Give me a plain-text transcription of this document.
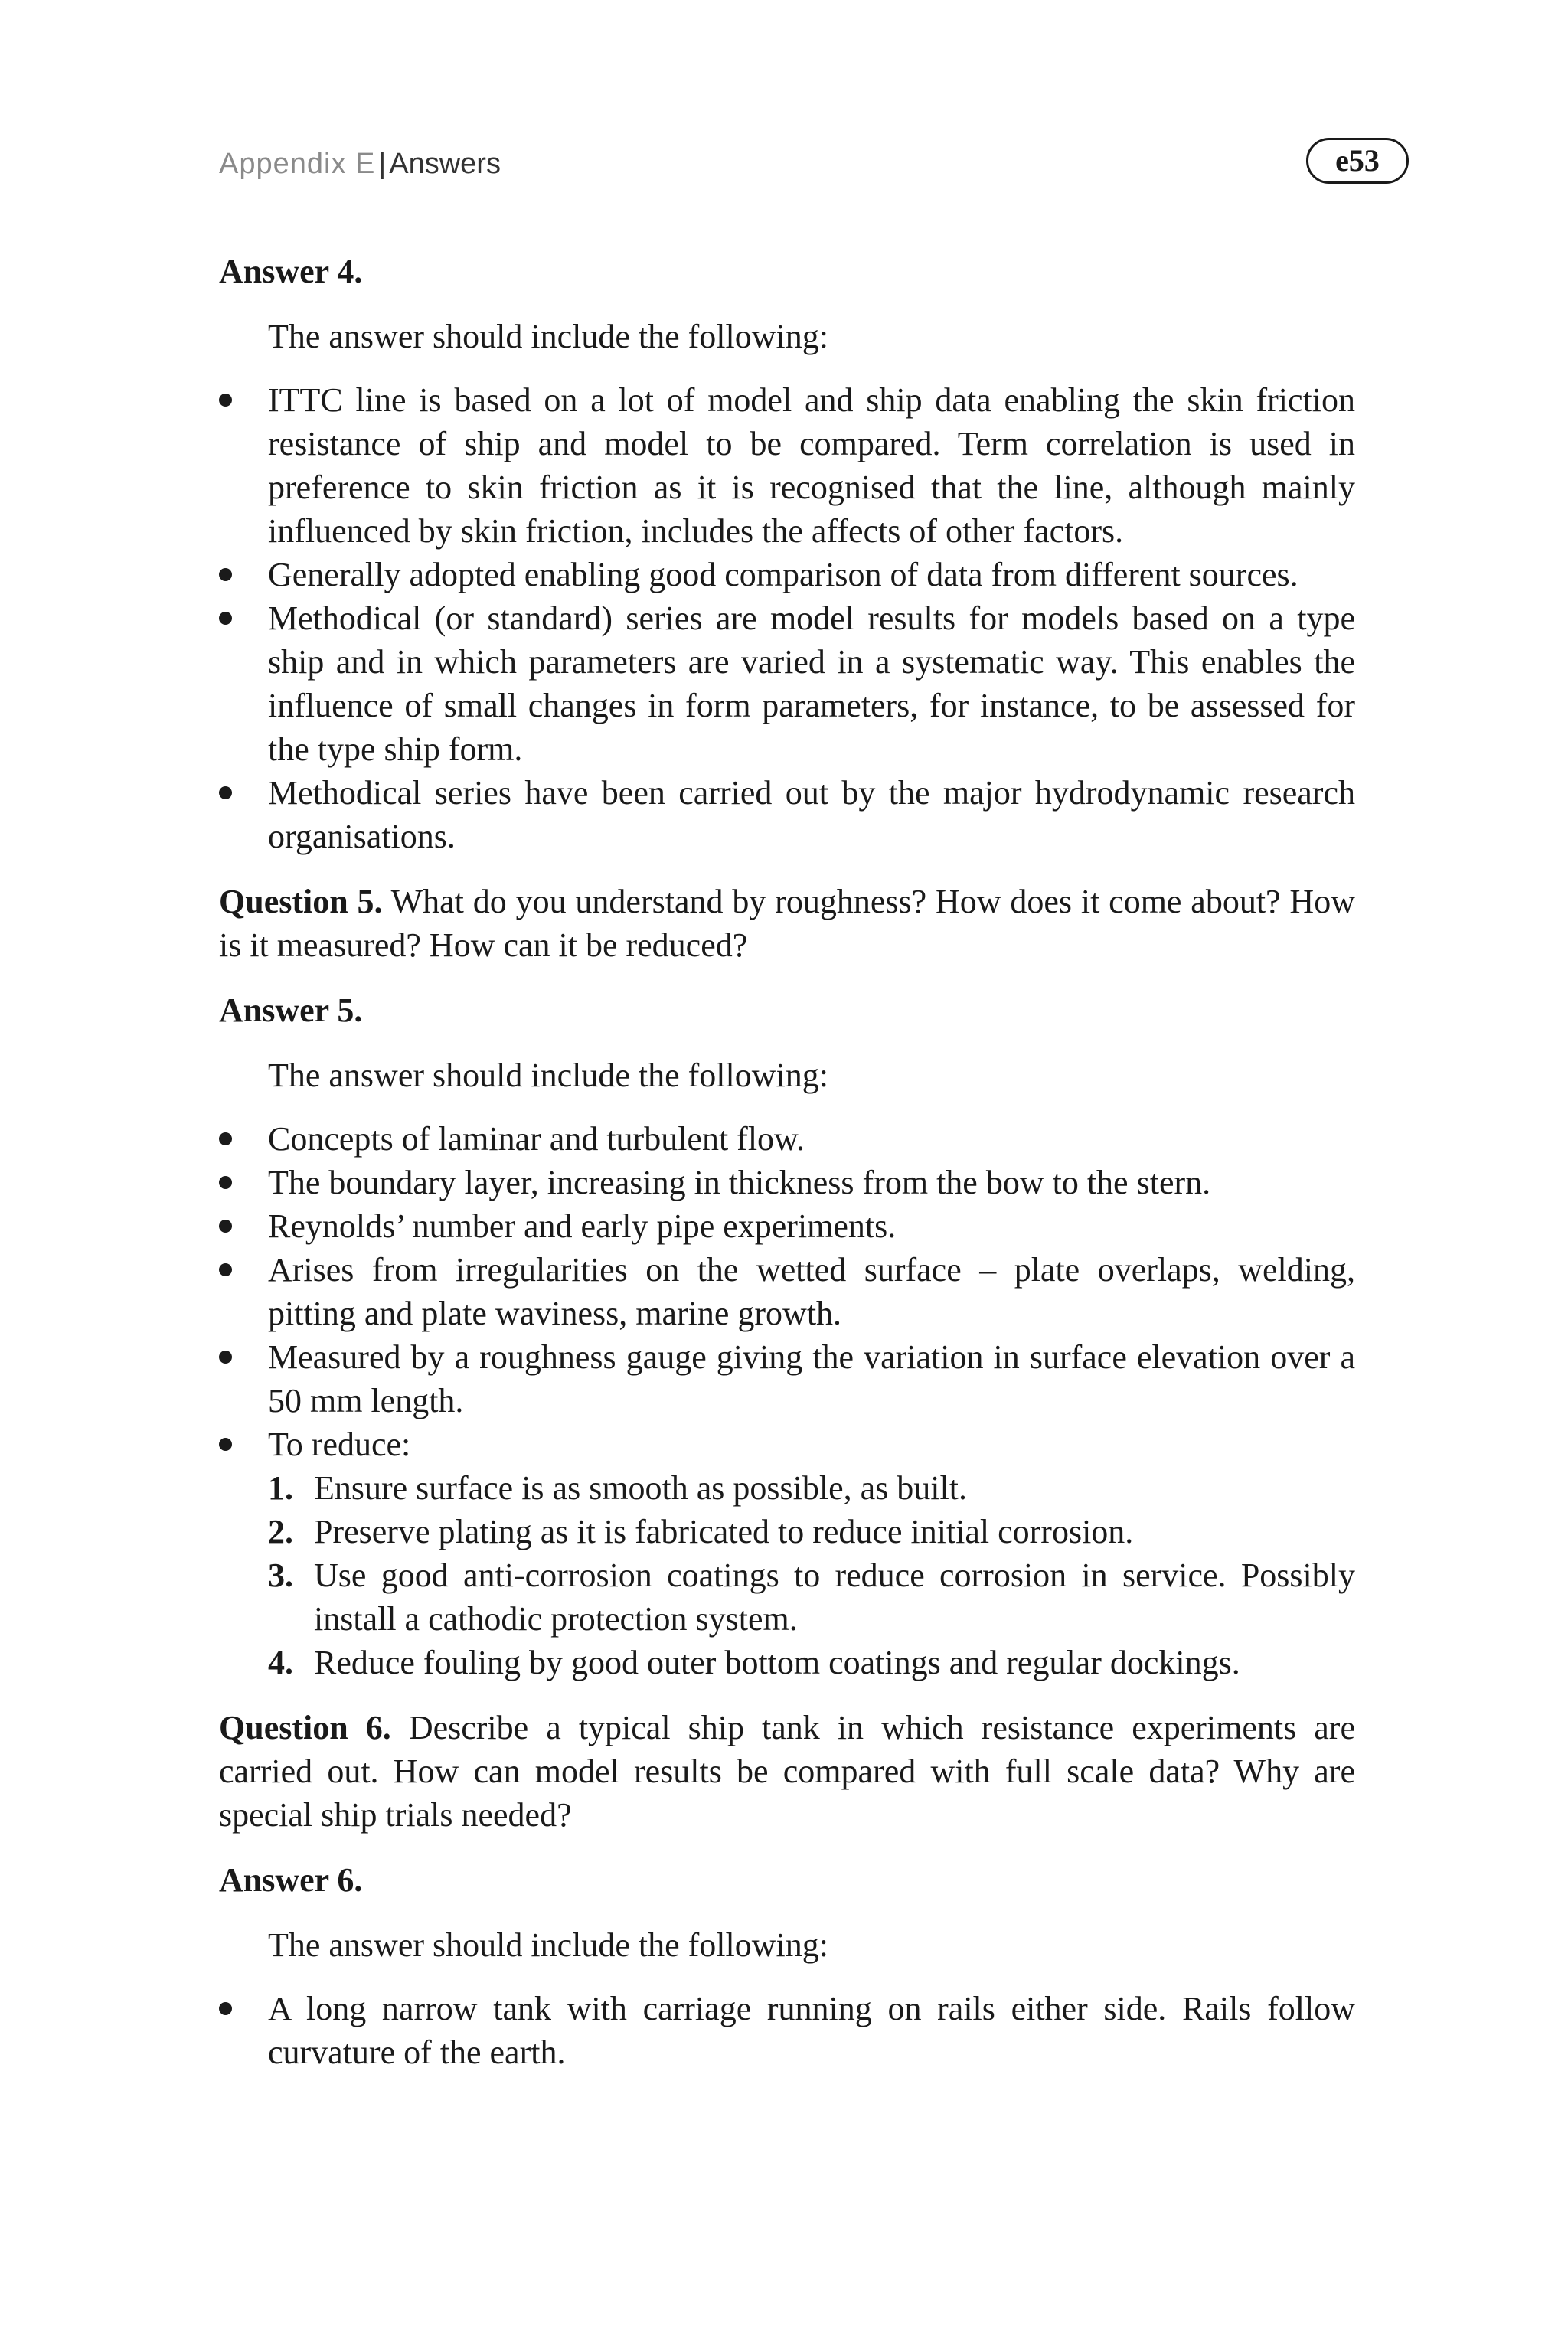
Appendix E | Answers	e53
Answer 4.
The answer should include the following:
ITTC line is based on a lot of model and ship data enabling the skin friction resistance of ship and model to be compared. Term correlation is used in preference to skin friction as it is recognised that the line, although mainly influenced by skin friction, includes the affects of other factors.
Generally adopted enabling good comparison of data from different sources.
Methodical (or standard) series are model results for models based on a type ship and in which parameters are varied in a systematic way. This enables the influence of small changes in form parameters, for instance, to be assessed for the type ship form.
Methodical series have been carried out by the major hydrodynamic research organisations.

Question 5. What do you understand by roughness? How does it come about? How is it measured? How can it be reduced?

Answer 5.
The answer should include the following:
Concepts of laminar and turbulent flow.
The boundary layer, increasing in thickness from the bow to the stern.
Reynolds’ number and early pipe experiments.
Arises from irregularities on the wetted surface – plate overlaps, welding, pitting and plate waviness, marine growth.
Measured by a roughness gauge giving the variation in surface elevation over a 50 mm length.
To reduce:
1. Ensure surface is as smooth as possible, as built.
2. Preserve plating as it is fabricated to reduce initial corrosion.
3. Use good anti-corrosion coatings to reduce corrosion in service. Possibly install a cathodic protection system.
4. Reduce fouling by good outer bottom coatings and regular dockings.

Question 6. Describe a typical ship tank in which resistance experiments are carried out. How can model results be compared with full scale data? Why are special ship trials needed?

Answer 6.
The answer should include the following:
A long narrow tank with carriage running on rails either side. Rails follow curvature of the earth.
